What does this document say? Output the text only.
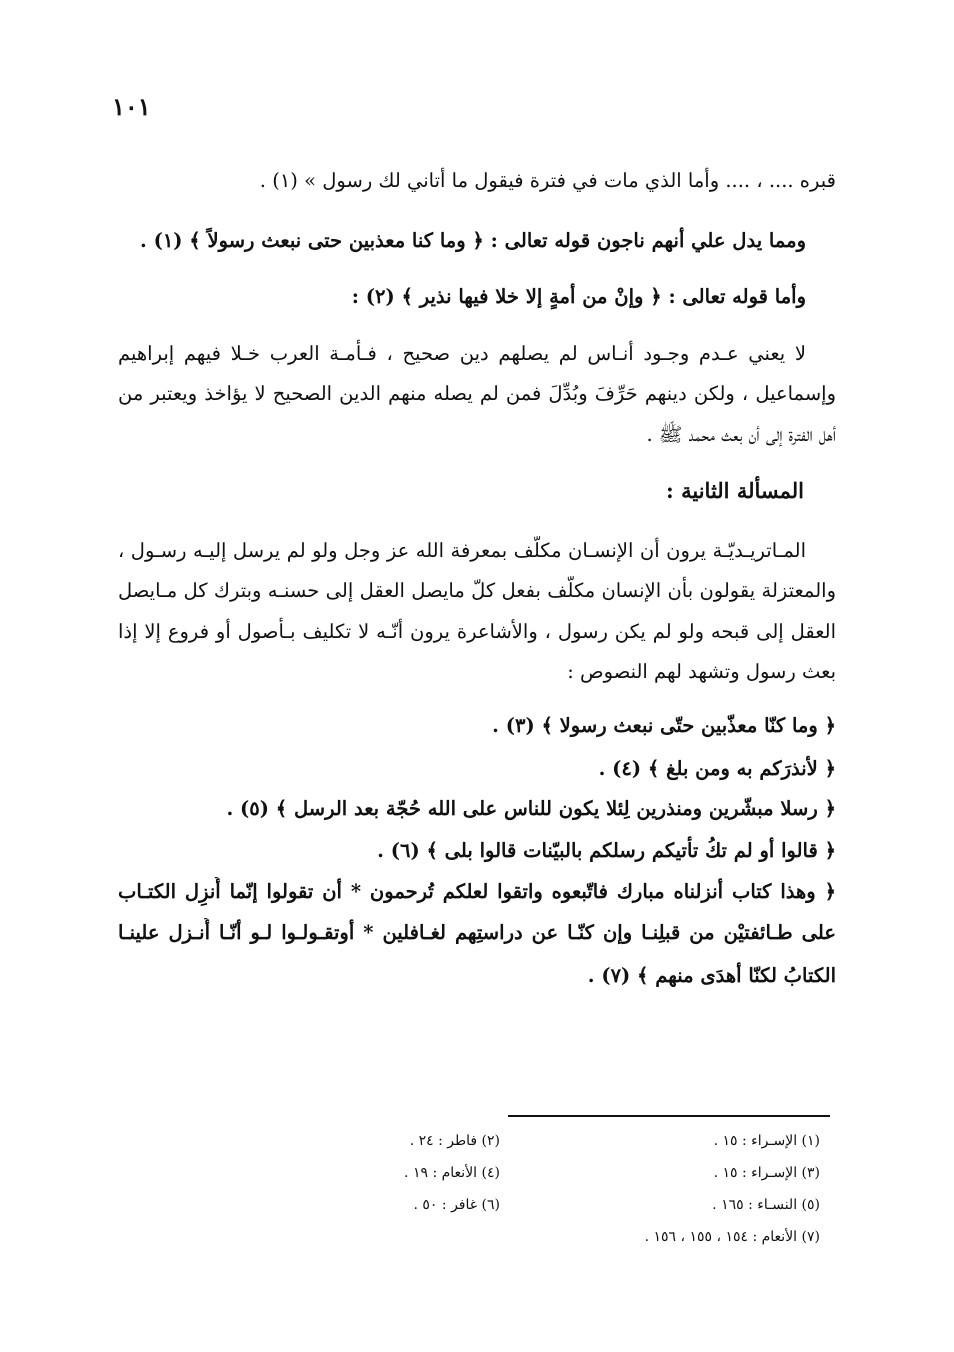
١٠١
قبره .... ، .... وأما الذي مات في فترة فيقول ما أتاني لك رسول » (١) .
ومما يدل علي أنهم ناجون قوله تعالى : ﴿ وما كنا معذبين حتى نبعث رسولاً ﴾ (١) .
وأما قوله تعالى : ﴿ وإنْ من أمةٍ إلا خلا فيها نذير ﴾ (٢) :
لا يعني عـدم وجـود أنـاس لم يصلهم دين صحيح ، فـأمـة العرب خـلا فيهم إبراهيم
وإسماعيل ، ولكن دينهم حَرِّفَ وبُدِّلَ فمن لم يصله منهم الدين الصحيح لا يؤاخذ ويعتبر من
أهل الفترة إلى أن بعث محمد ﷺ .
المسألة الثانية :
المـاتريـديّـة يرون أن الإنسـان مكلّف بمعرفة الله عز وجل ولو لم يرسل إليـه رسـول ،
والمعتزلة يقولون بأن الإنسان مكلّف بفعل كلّ مايصل العقل إلى حسنـه وبترك كل مـايصل
العقل إلى قبحه ولو لم يكن رسول ، والأشاعرة يرون أنّـه لا تكليف بـأصول أو فروع إلا إذا
بعث رسول وتشهد لهم النصوص :
﴿ وما كنّا معذّبين حتّى نبعث رسولا ﴾ (٣) .
﴿ لأنذرَكم به ومن بلغ ﴾ (٤) .
﴿ رسلا مبشّرين ومنذرين لِئلا يكون للناس على الله حُجّة بعد الرسل ﴾ (٥) .
﴿ قالوا أو لم تكُ تأتيكم رسلكم بالبيّنات قالوا بلى ﴾ (٦) .
﴿ وهذا كتاب أنزلناه مبارك فاتّبعوه واتقوا لعلكم تُرحمون * أن تقولوا إنّما أُنزِل الكتـاب
على طـائفتيْن من قبلِنـا وإن كنّـا عن دراستِهم لغـافلين * أوتقـولـوا لـو أنّـا أُنـزل علينـا
الكتابُ لكنّا أهدَى منهم ﴾ (٧) .
(١) الإسـراء : ١٥ .
(٢) فاطر : ٢٤ .
(٣) الإسـراء : ١٥ .
(٤) الأنعام : ١٩ .
(٥) النسـاء : ١٦٥ .
(٦) غافر : ٥٠ .
(٧) الأنعام : ١٥٤ ، ١٥٥ ، ١٥٦ .
